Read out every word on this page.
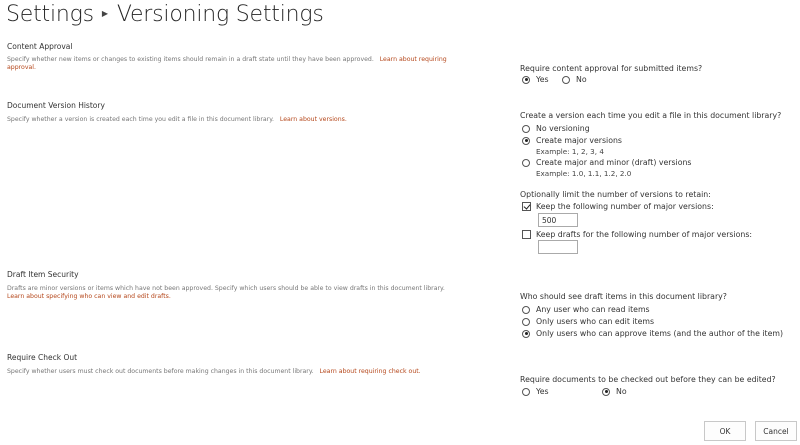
Settings ▶ Versioning Settings
Content Approval
Specify whether new items or changes to existing items should remain in a draft state until they have been approved. Learn about requiring approval.	Require content approval for submitted items?
Yes	No
Document Version History
Specify whether a version is created each time you edit a file in this document library. Learn about versions.	Create a version each time you edit a file in this document library?
No versioning
Create major versions
Example: 1, 2, 3, 4
Create major and minor (draft) versions
Example: 1.0, 1.1, 1.2, 2.0
Optionally limit the number of versions to retain:
Keep the following number of major versions:
500
Keep drafts for the following number of major versions:
Draft Item Security
Drafts are minor versions or items which have not been approved. Specify which users should be able to view drafts in this document library.
Learn about specifying who can view and edit drafts.	Who should see draft items in this document library?
Any user who can read items
Only users who can edit items
Only users who can approve items (and the author of the item)
Require Check Out
Specify whether users must check out documents before making changes in this document library. Learn about requiring check out.
Require documents to be checked out before they can be edited?
Yes	No
OK	Cancel
